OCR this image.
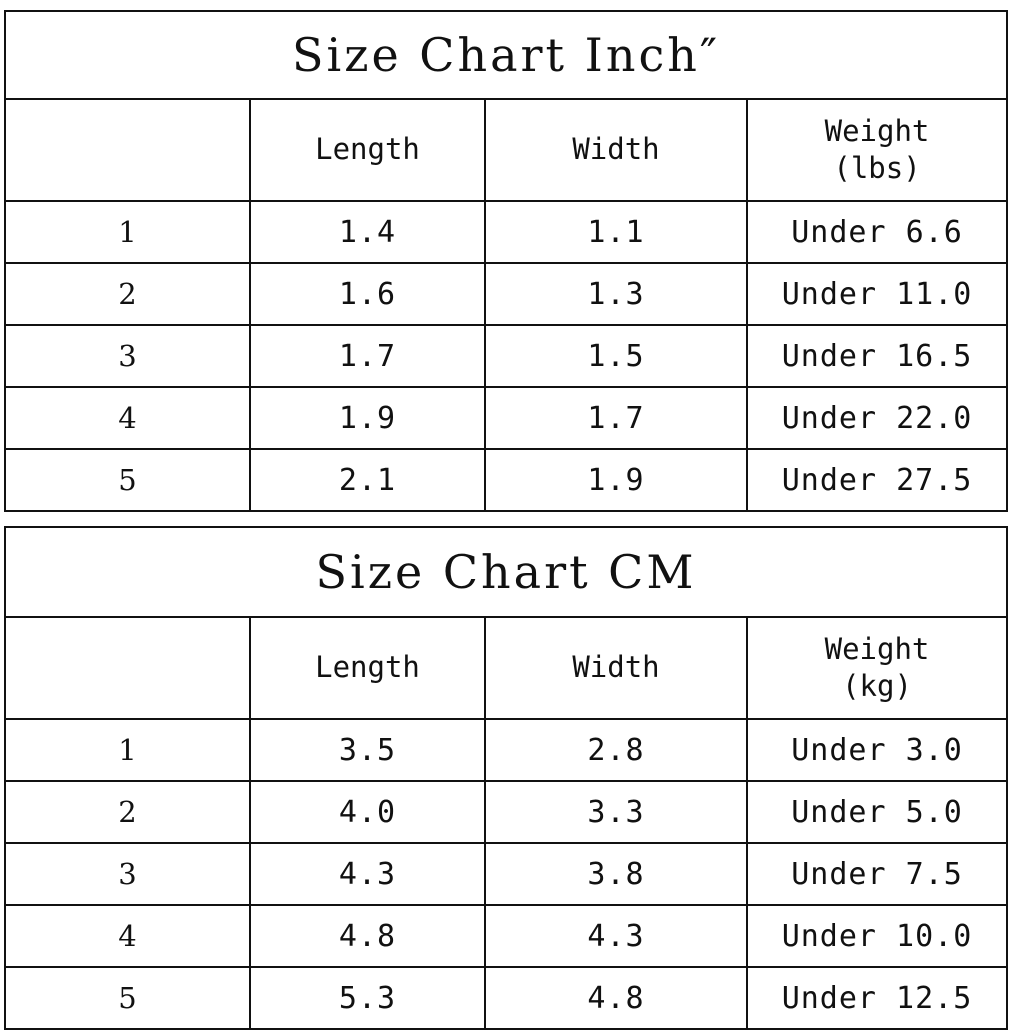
Size Chart Inch″			
	Length	Width	Weight
(lbs)

1	1.4	1.1	Under 6.6
2	1.6	1.3	Under 11.0
3	1.7	1.5	Under 16.5
4	1.9	1.7	Under 22.0
5	2.1	1.9	Under 27.5
Size Chart CM			
	Length	Width	Weight
(kg)

1	3.5	2.8	Under 3.0
2	4.0	3.3	Under 5.0
3	4.3	3.8	Under 7.5
4	4.8	4.3	Under 10.0
5	5.3	4.8	Under 12.5
